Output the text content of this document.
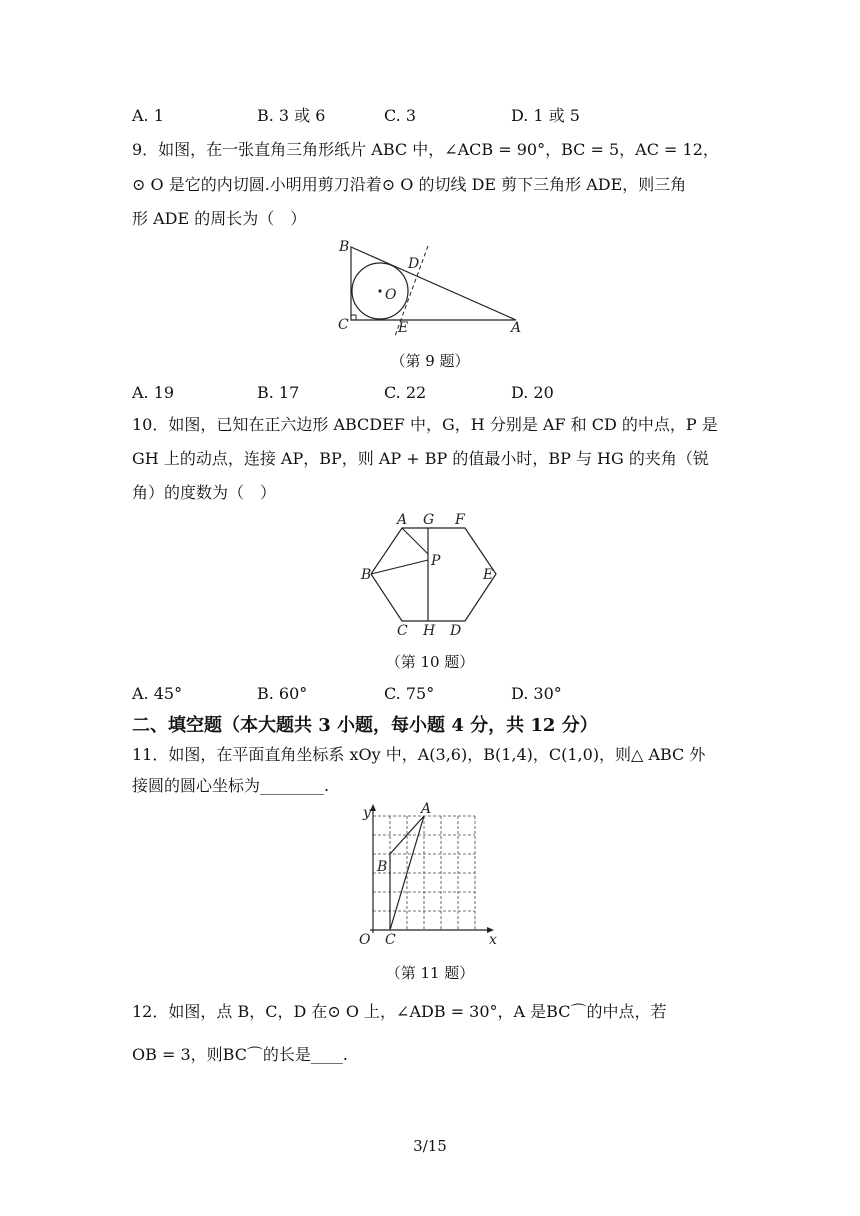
A. 1	B. 3 或 6	C. 3	D. 1 或 5
9．如图，在一张直角三角形纸片 ABC 中，∠ACB = 90°，BC = 5，AC = 12，
⊙ O 是它的内切圆.小明用剪刀沿着⊙ O 的切线 DE 剪下三角形 ADE，则三角
形 ADE 的周长为（　）
B
C
D
E	A
O
（第 9 题）
A. 19	B. 17	C. 22	D. 20
10．如图，已知在正六边形 ABCDEF 中，G，H 分别是 AF 和 CD 的中点，P 是
GH 上的动点，连接 AP，BP，则 AP + BP 的值最小时，BP 与 HG 的夹角（锐
角）的度数为（　）
A G F
B
P
E
C H D
（第 10 题）
A. 45°	B. 60°	C. 75°	D. 30°
二、填空题（本大题共 3 小题，每小题 4 分，共 12 分）
11．如图，在平面直角坐标系 xOy 中，A(3,6)，B(1,4)，C(1,0)，则△ ABC 外
接圆的圆心坐标为________.
y
x
O
A
B
C
（第 11 题）
12．如图，点 B，C，D 在⊙ O 上，∠ADB = 30°，A 是BC⌒的中点，若
OB = 3，则BC⌒的长是____.
3/15
